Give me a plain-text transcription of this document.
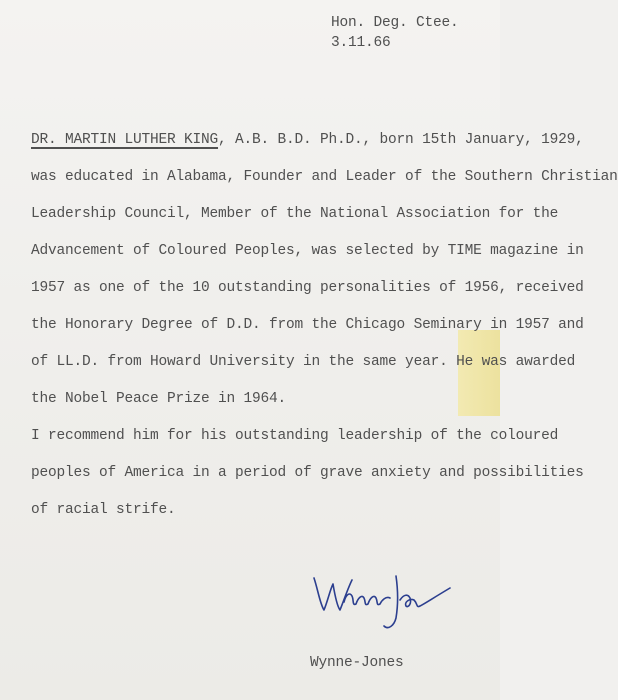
Hon. Deg. Ctee.
3.11.66
DR. MARTIN LUTHER KING, A.B. B.D. Ph.D., born 15th January, 1929,
was educated in Alabama, Founder and Leader of the Southern Christian
Leadership Council, Member of the National Association for the
Advancement of Coloured Peoples, was selected by TIME magazine in
1957 as one of the 10 outstanding personalities of 1956, received
the Honorary Degree of D.D. from the Chicago Seminary in 1957 and
of LL.D. from Howard University in the same year. He was awarded
the Nobel Peace Prize in 1964.
I recommend him for his outstanding leadership of the coloured
peoples of America in a period of grave anxiety and possibilities
of racial strife.
Wynne-Jones
